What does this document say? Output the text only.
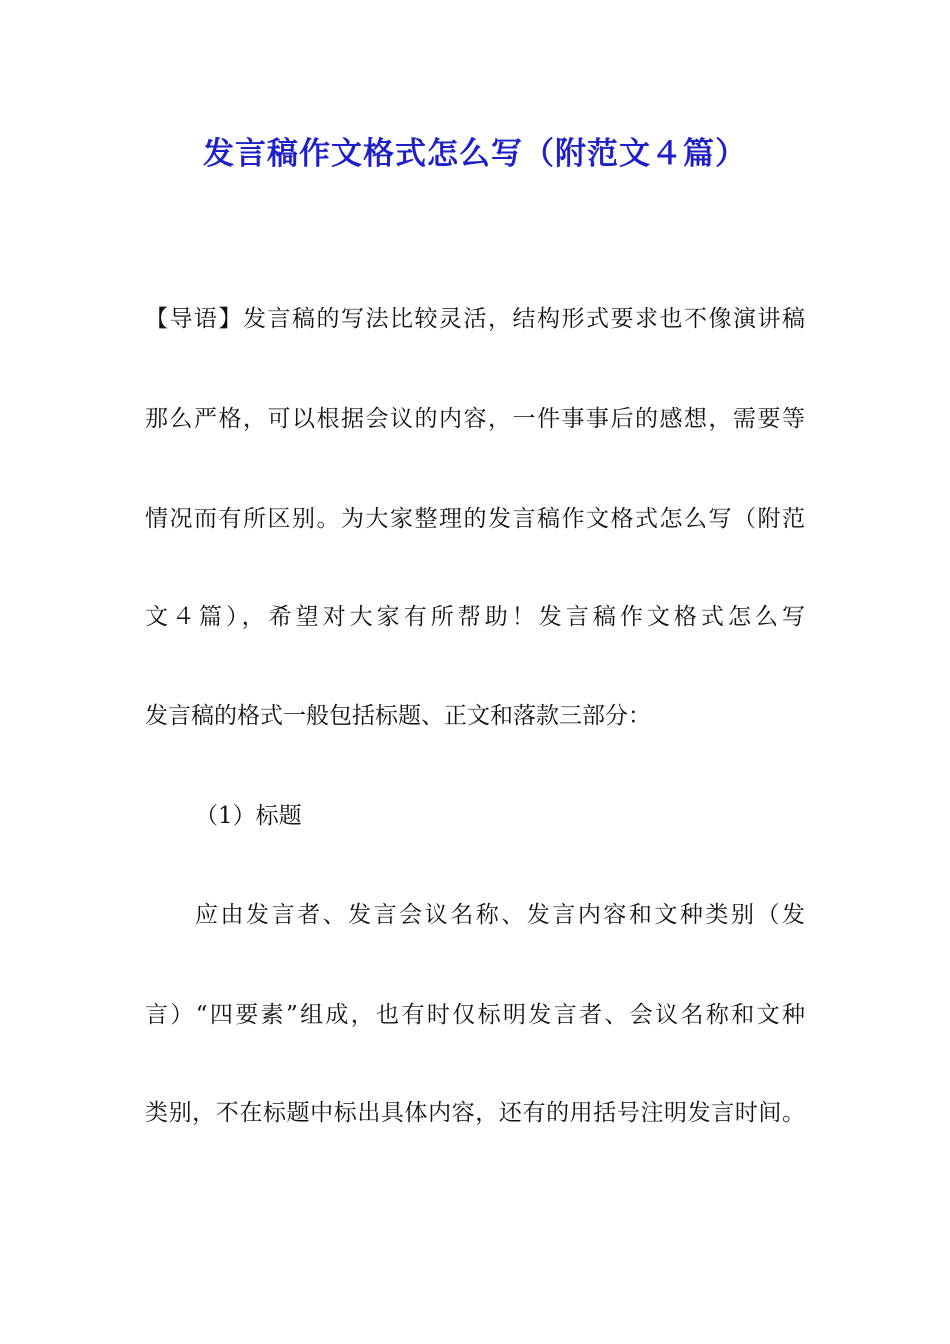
发言稿作文格式怎么写（附范文４篇）

【导语】发言稿的写法比较灵活，结构形式要求也不像演讲稿

那么严格，可以根据会议的内容，一件事事后的感想，需要等

情况而有所区别。为大家整理的发言稿作文格式怎么写（附范

文４篇），希望对大家有所帮助！发言稿作文格式怎么写

发言稿的格式一般包括标题、正文和落款三部分：

（1）标题

应由发言者、发言会议名称、发言内容和文种类别（发

言）“四要素”组成，也有时仅标明发言者、会议名称和文种

类别，不在标题中标出具体内容，还有的用括号注明发言时间。
